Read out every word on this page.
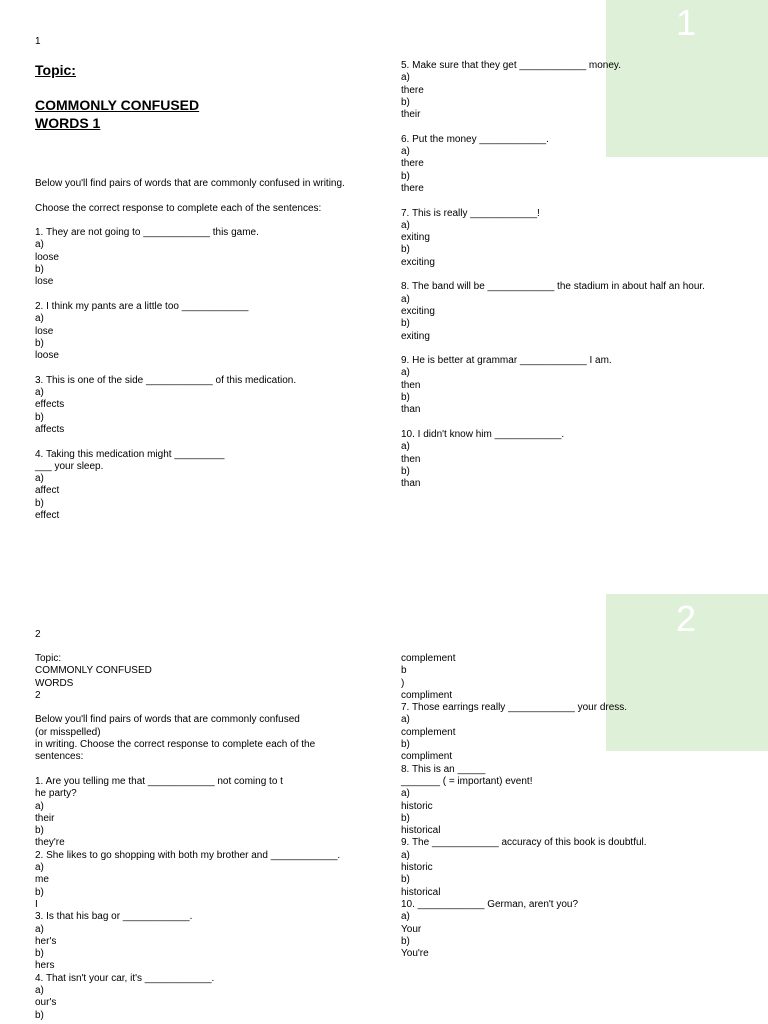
1
1
Topic:
COMMONLY CONFUSED
WORDS 1
Below you'll find pairs of words that are commonly confused in writing.
Choose the correct response to complete each of the sentences:
1. They are not going to ____________ this game.
a)
loose
b)
lose
2. I think my pants are a little too ____________
a)
lose
b)
loose
3. This is one of the side ____________ of this medication.
a)
effects
b)
affects
4. Taking this medication might _________
___ your sleep.
a)
affect
b)
effect
5. Make sure that they get ____________ money.
a)
there
b)
their
6. Put the money ____________.
a)
there
b)
there
7. This is really ____________!
a)
exiting
b)
exciting
8. The band will be ____________ the stadium in about half an hour.
a)
exciting
b)
exiting
9. He is better at grammar ____________ I am.
a)
then
b)
than
10. I didn't know him ____________.
a)
then
b)
than
2
2
Topic:
COMMONLY CONFUSED
WORDS
2
Below you'll find pairs of words that are commonly confused
(or misspelled)
in writing. Choose the correct response to complete each of the
sentences:
1. Are you telling me that ____________ not coming to t
he party?
a)
their
b)
they're
2. She likes to go shopping with both my brother and ____________.
a)
me
b)
I
3. Is that his bag or ____________.
a)
her's
b)
hers
4. That isn't your car, it's ____________.
a)
our's
b)
complement
b
)
compliment
7. Those earrings really ____________ your dress.
a)
complement
b)
compliment
8. This is an _____
_______ ( = important) event!
a)
historic
b)
historical
9. The ____________ accuracy of this book is doubtful.
a)
historic
b)
historical
10. ____________ German, aren't you?
a)
Your
b)
You're
